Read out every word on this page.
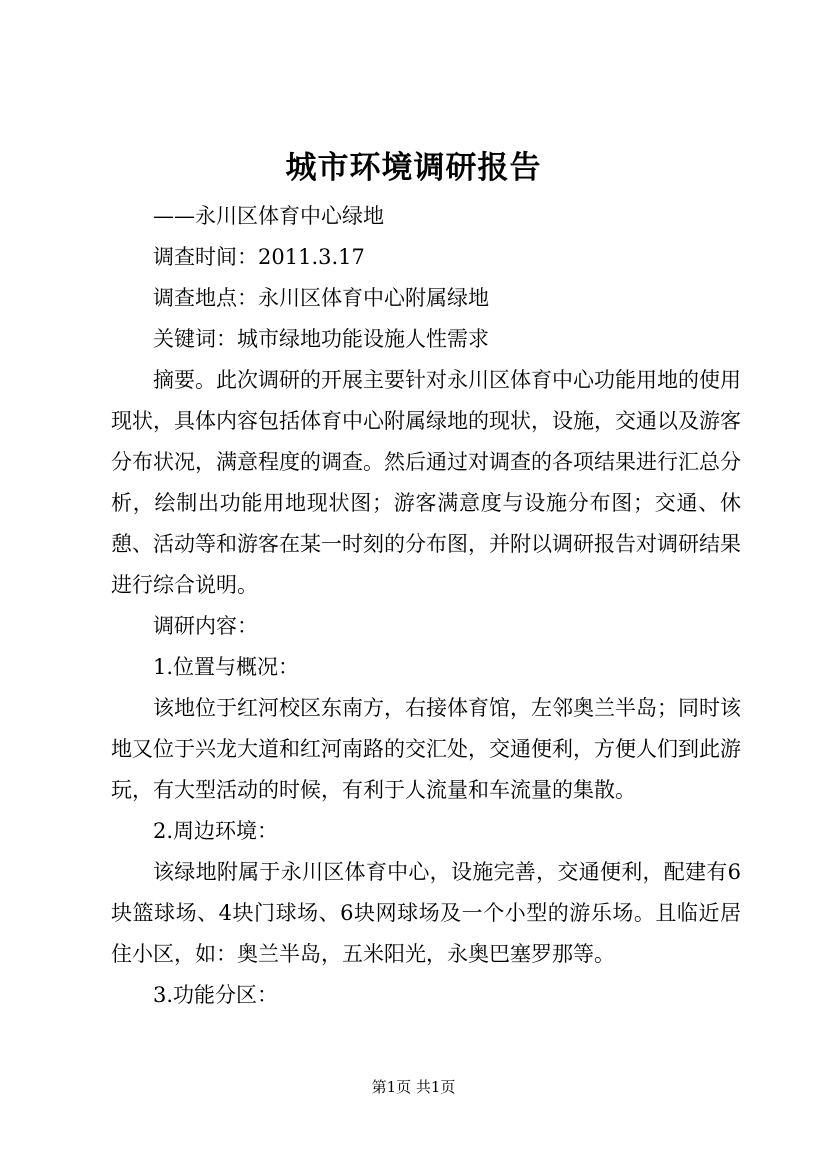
城市环境调研报告

——永川区体育中心绿地

调查时间：2011.3.17

调查地点：永川区体育中心附属绿地

关键词：城市绿地功能设施人性需求

摘要。此次调研的开展主要针对永川区体育中心功能用地的使用现状，具体内容包括体育中心附属绿地的现状，设施，交通以及游客分布状况，满意程度的调查。然后通过对调查的各项结果进行汇总分析，绘制出功能用地现状图；游客满意度与设施分布图；交通、休憩、活动等和游客在某一时刻的分布图，并附以调研报告对调研结果进行综合说明。

调研内容：

1.位置与概况：

该地位于红河校区东南方，右接体育馆，左邻奥兰半岛；同时该地又位于兴龙大道和红河南路的交汇处，交通便利，方便人们到此游玩，有大型活动的时候，有利于人流量和车流量的集散。

2.周边环境：

该绿地附属于永川区体育中心，设施完善，交通便利，配建有6块篮球场、4块门球场、6块网球场及一个小型的游乐场。且临近居住小区，如：奥兰半岛，五米阳光，永奥巴塞罗那等。

3.功能分区：

第1页 共1页
